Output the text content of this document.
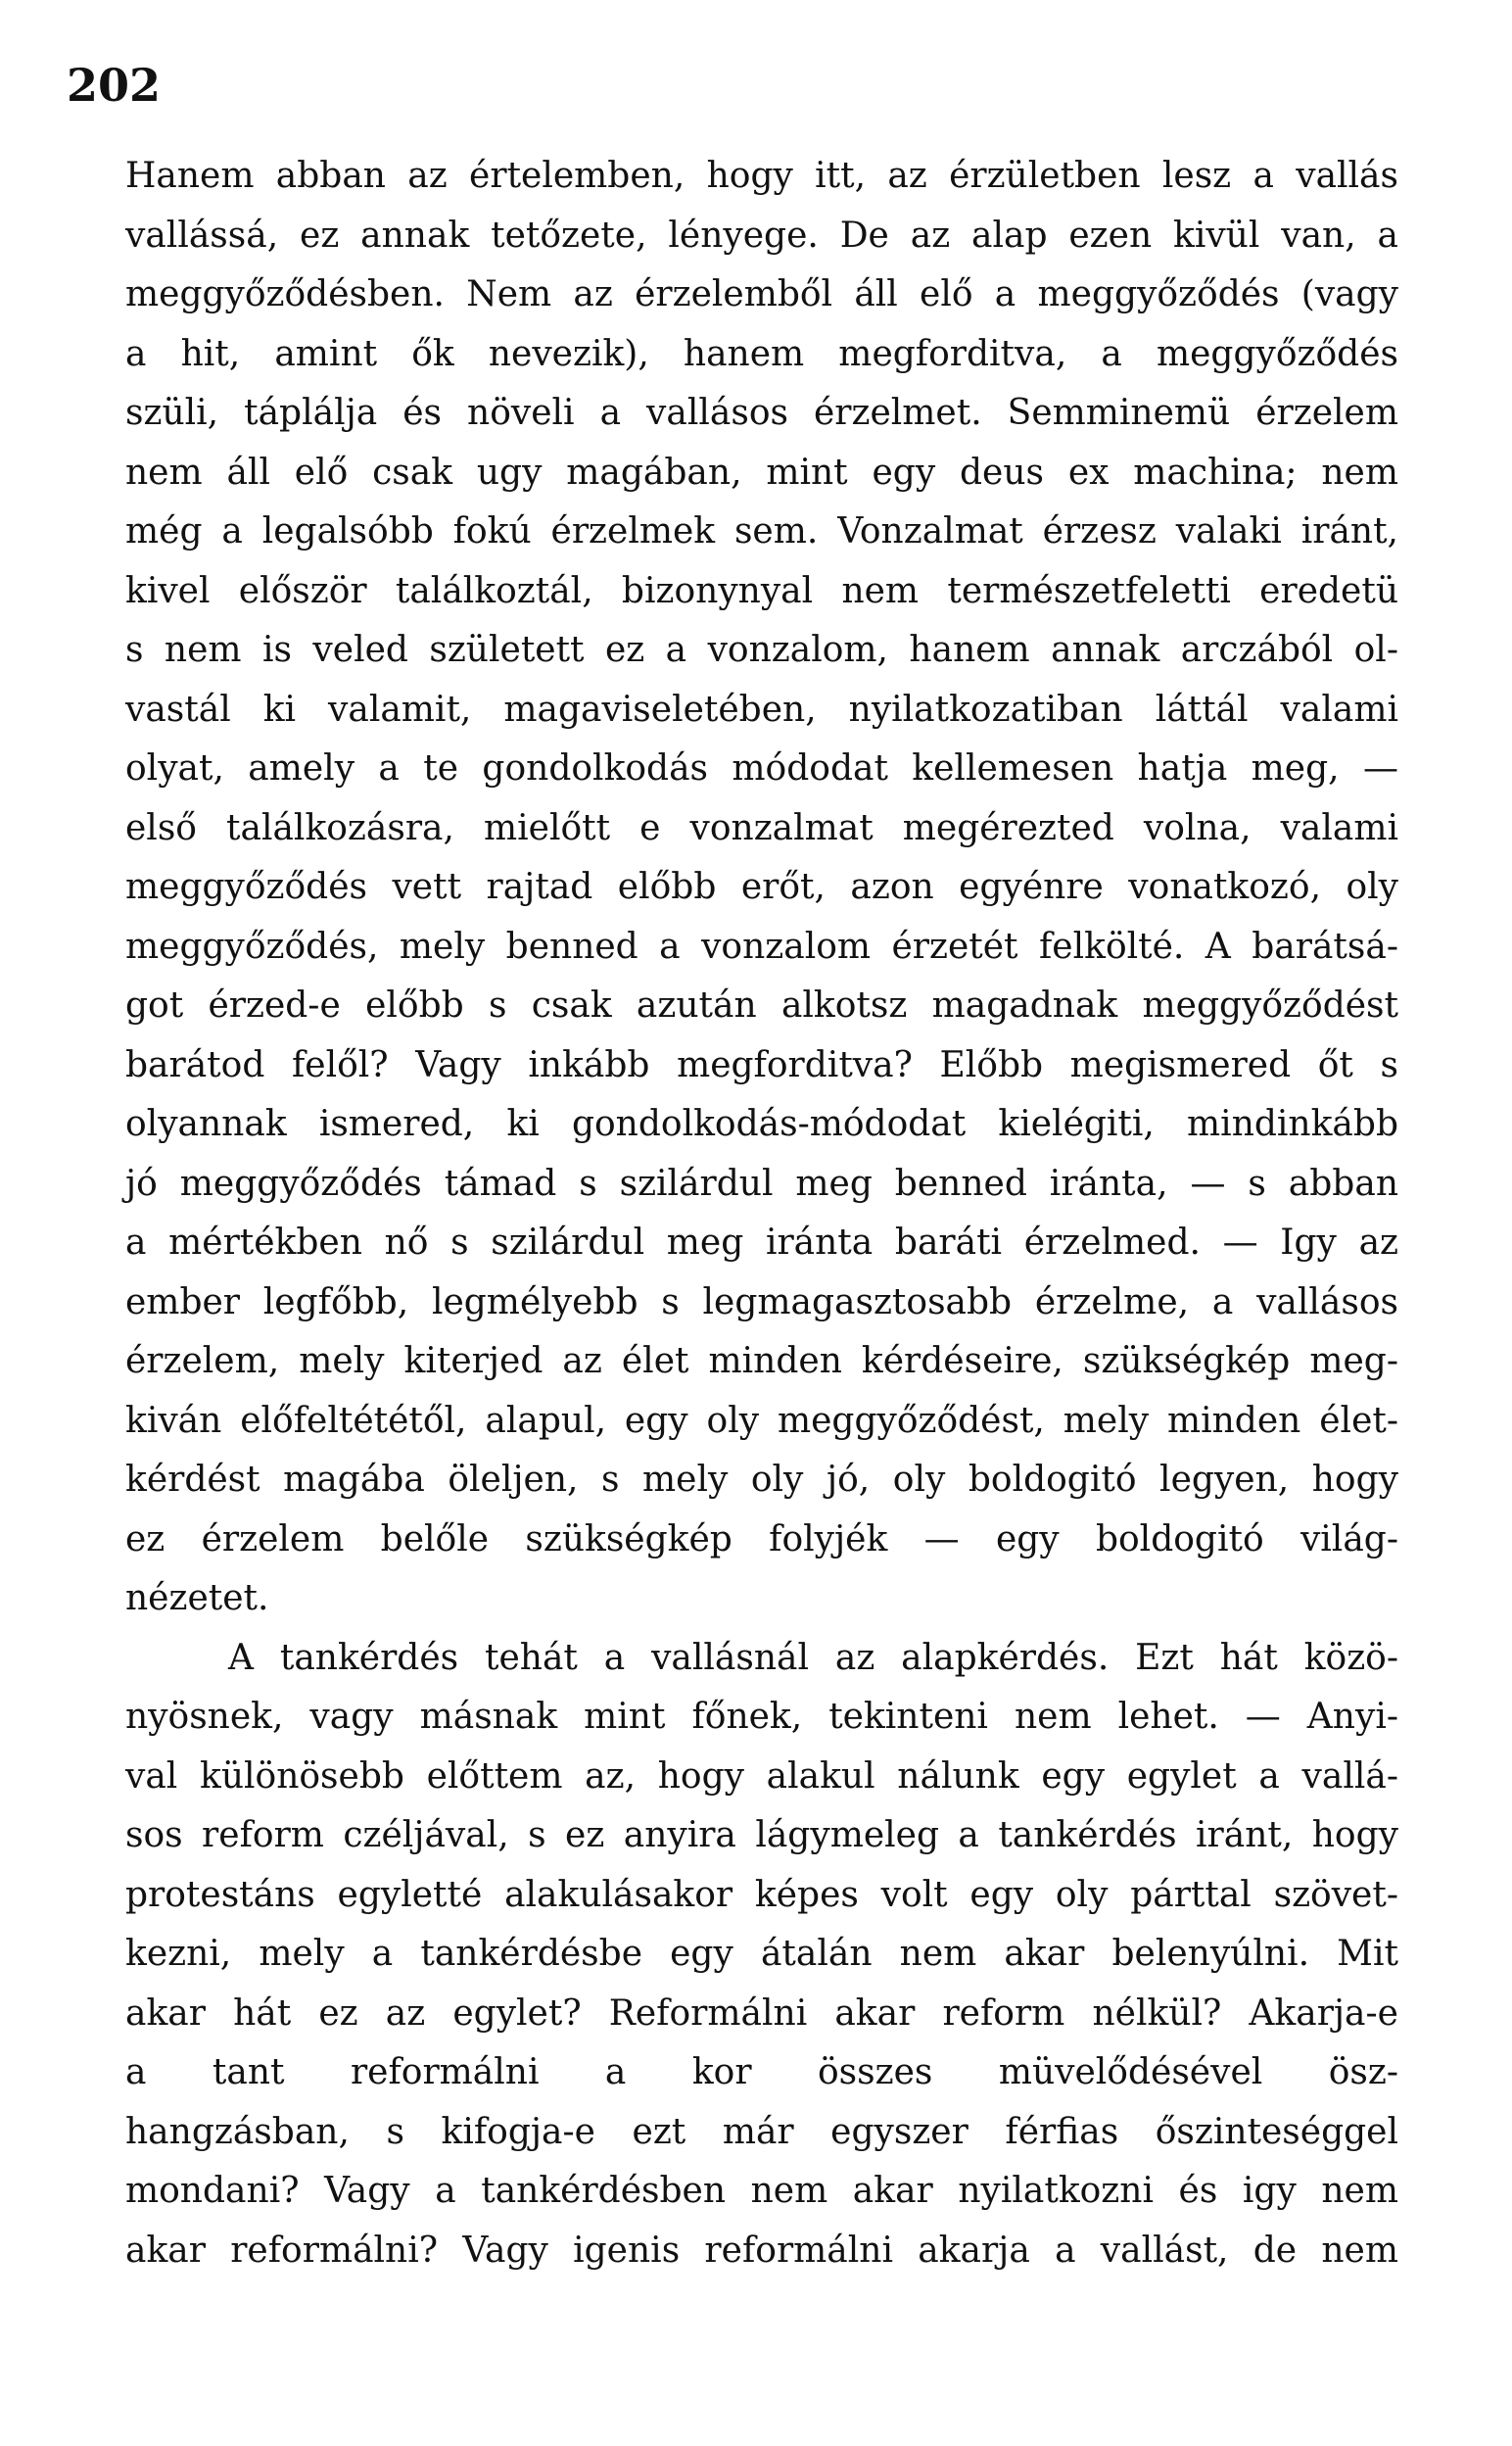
202
Hanem abban az értelemben, hogy itt, az érzületben lesz a vallás
vallássá, ez annak tetőzete, lényege. De az alap ezen kivül van, a
meggyőződésben. Nem az érzelemből áll elő a meggyőződés (vagy
a hit, amint ők nevezik), hanem megforditva, a meggyőződés
szüli, táplálja és növeli a vallásos érzelmet. Semminemü érzelem
nem áll elő csak ugy magában, mint egy deus ex machina; nem
még a legalsóbb fokú érzelmek sem. Vonzalmat érzesz valaki iránt,
kivel először találkoztál, bizonynyal nem természetfeletti eredetü
s nem is veled született ez a vonzalom, hanem annak arczából ol-
vastál ki valamit, magaviseletében, nyilatkozatiban láttál valami
olyat, amely a te gondolkodás módodat kellemesen hatja meg, —
első találkozásra, mielőtt e vonzalmat megérezted volna, valami
meggyőződés vett rajtad előbb erőt, azon egyénre vonatkozó, oly
meggyőződés, mely benned a vonzalom érzetét felkölté. A barátsá-
got érzed-e előbb s csak azután alkotsz magadnak meggyőződést
barátod felől? Vagy inkább megforditva? Előbb megismered őt s
olyannak ismered, ki gondolkodás-módodat kielégiti, mindinkább
jó meggyőződés támad s szilárdul meg benned iránta, — s abban
a mértékben nő s szilárdul meg iránta baráti érzelmed. — Igy az
ember legfőbb, legmélyebb s legmagasztosabb érzelme, a vallásos
érzelem, mely kiterjed az élet minden kérdéseire, szükségkép meg-
kiván előfeltététől, alapul, egy oly meggyőződést, mely minden élet-
kérdést magába öleljen, s mely oly jó, oly boldogitó legyen, hogy
ez érzelem belőle szükségkép folyjék — egy boldogitó világ-
nézetet.
A tankérdés tehát a vallásnál az alapkérdés. Ezt hát közö-
nyösnek, vagy másnak mint főnek, tekinteni nem lehet. — Anyi-
val különösebb előttem az, hogy alakul nálunk egy egylet a vallá-
sos reform czéljával, s ez anyira lágymeleg a tankérdés iránt, hogy
protestáns egyletté alakulásakor képes volt egy oly párttal szövet-
kezni, mely a tankérdésbe egy átalán nem akar belenyúlni. Mit
akar hát ez az egylet? Reformálni akar reform nélkül? Akarja-e
a tant reformálni a kor összes müvelődésével ösz-
hangzásban, s kifogja-e ezt már egyszer férfias őszinteséggel
mondani? Vagy a tankérdésben nem akar nyilatkozni és igy nem
akar reformálni? Vagy igenis reformálni akarja a vallást, de nem
